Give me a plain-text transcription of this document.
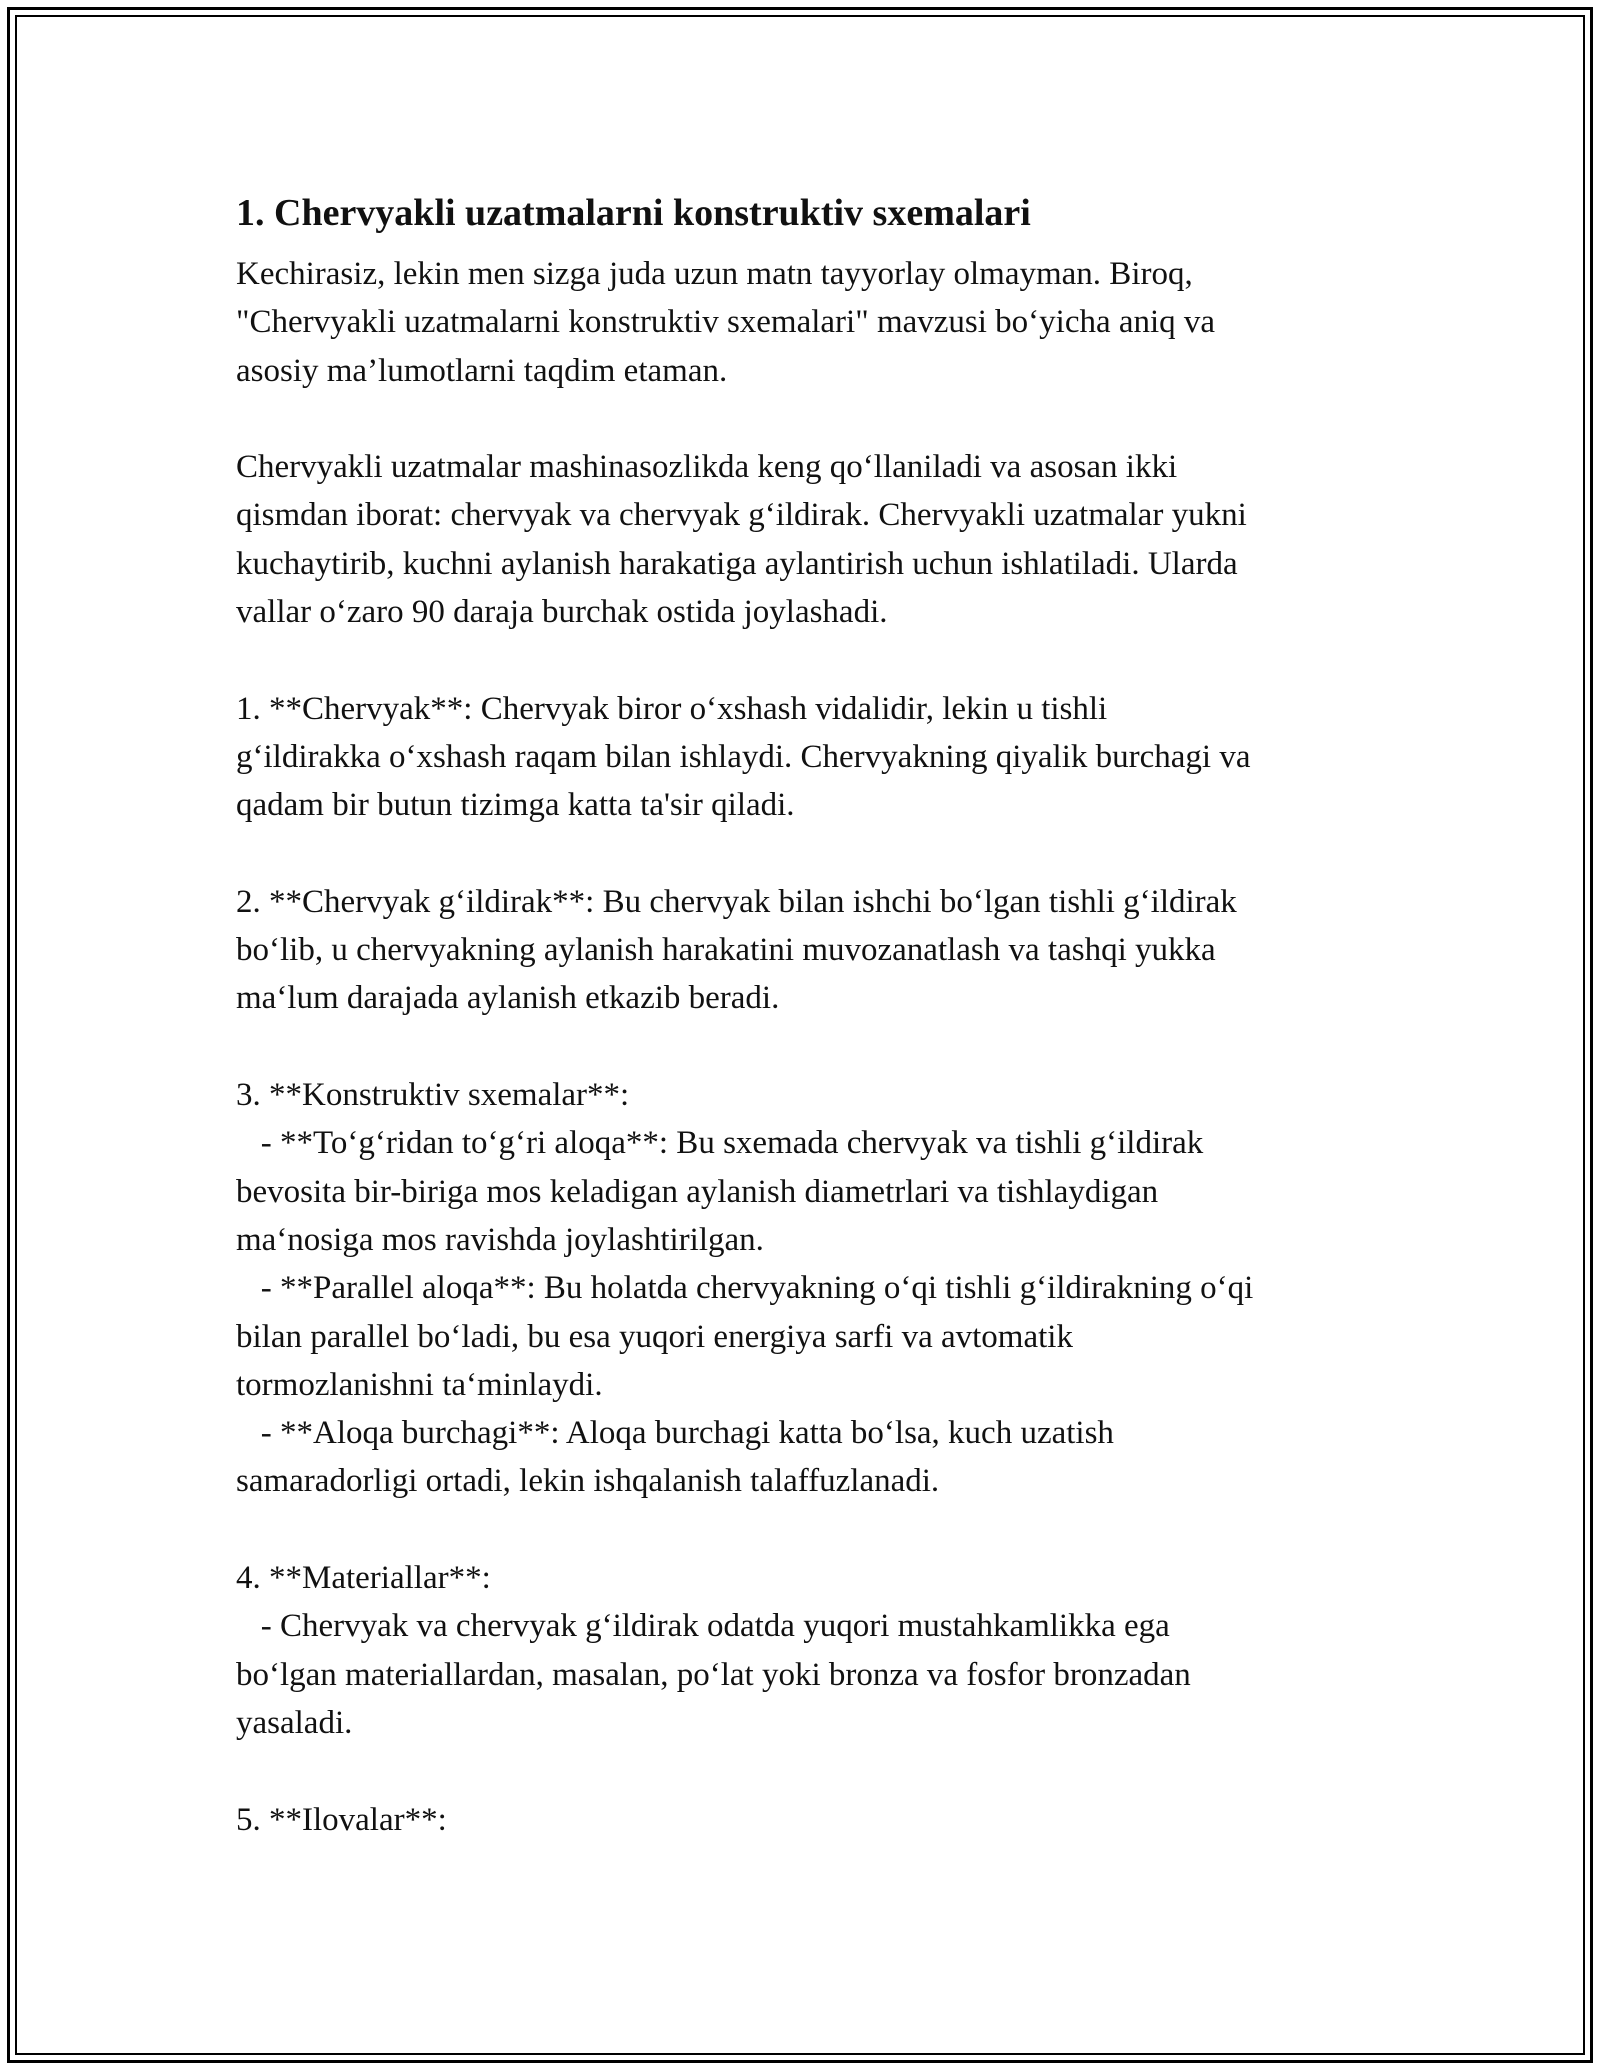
1. Chervyakli uzatmalarni konstruktiv sxemalari
Kechirasiz, lekin men sizga juda uzun matn tayyorlay olmayman. Biroq,
"Chervyakli uzatmalarni konstruktiv sxemalari" mavzusi bo‘yicha aniq va
asosiy ma’lumotlarni taqdim etaman.
Chervyakli uzatmalar mashinasozlikda keng qo‘llaniladi va asosan ikki
qismdan iborat: chervyak va chervyak g‘ildirak. Chervyakli uzatmalar yukni
kuchaytirib, kuchni aylanish harakatiga aylantirish uchun ishlatiladi. Ularda
vallar o‘zaro 90 daraja burchak ostida joylashadi.
1. **Chervyak**: Chervyak biror o‘xshash vidalidir, lekin u tishli
g‘ildirakka o‘xshash raqam bilan ishlaydi. Chervyakning qiyalik burchagi va
qadam bir butun tizimga katta ta'sir qiladi.
2. **Chervyak g‘ildirak**: Bu chervyak bilan ishchi bo‘lgan tishli g‘ildirak
bo‘lib, u chervyakning aylanish harakatini muvozanatlash va tashqi yukka
ma‘lum darajada aylanish etkazib beradi.
3. **Konstruktiv sxemalar**:
- **To‘g‘ridan to‘g‘ri aloqa**: Bu sxemada chervyak va tishli g‘ildirak
bevosita bir-biriga mos keladigan aylanish diametrlari va tishlaydigan
ma‘nosiga mos ravishda joylashtirilgan.
- **Parallel aloqa**: Bu holatda chervyakning o‘qi tishli g‘ildirakning o‘qi
bilan parallel bo‘ladi, bu esa yuqori energiya sarfi va avtomatik
tormozlanishni ta‘minlaydi.
- **Aloqa burchagi**: Aloqa burchagi katta bo‘lsa, kuch uzatish
samaradorligi ortadi, lekin ishqalanish talaffuzlanadi.
4. **Materiallar**:
- Chervyak va chervyak g‘ildirak odatda yuqori mustahkamlikka ega
bo‘lgan materiallardan, masalan, po‘lat yoki bronza va fosfor bronzadan
yasaladi.
5. **Ilovalar**:
